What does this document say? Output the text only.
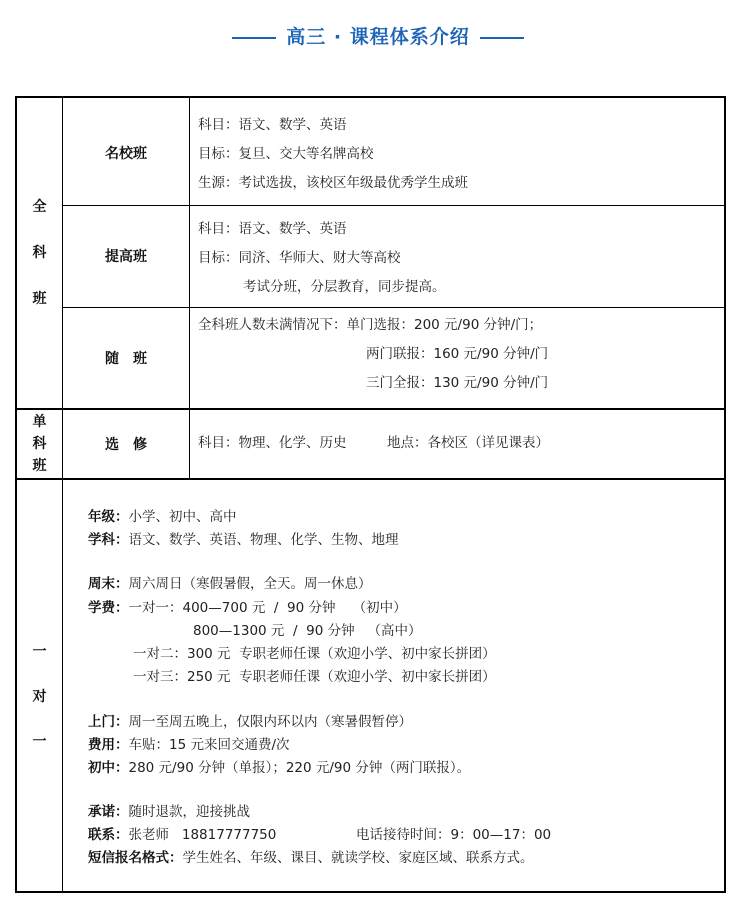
高三 · 课程体系介绍
全
科
班
名校班
科目：语文、数学、英语
目标：复旦、交大等名牌高校
生源：考试选拔，该校区年级最优秀学生成班
提高班
科目：语文、数学、英语
目标：同济、华师大、财大等高校
考试分班，分层教育，同步提高。
随　班
全科班人数未满情况下：单门选报：200 元/90 分钟/门；
两门联报：160 元/90 分钟/门
三门全报：130 元/90 分钟/门
单
科
班
选　修	科目：物理、化学、历史　　　地点：各校区（详见课表）
一
对
一
年级：小学、初中、高中
学科：语文、数学、英语、物理、化学、生物、地理
周末：周六周日（寒假暑假，全天。周一休息）
学费：一对一：400—700 元  /  90 分钟    （初中）
800—1300 元  /  90 分钟   （高中）
一对二：300 元  专职老师任课（欢迎小学、初中家长拼团）
一对三：250 元  专职老师任课（欢迎小学、初中家长拼团）
上门：周一至周五晚上，仅限内环以内（寒暑假暂停）
费用：车贴：15 元来回交通费/次
初中：280 元/90 分钟（单报）；220 元/90 分钟（两门联报）。
承诺：随时退款，迎接挑战
联系：张老师   18817777750	电话接待时间：9：00—17：00
短信报名格式：学生姓名、年级、课目、就读学校、家庭区域、联系方式。
